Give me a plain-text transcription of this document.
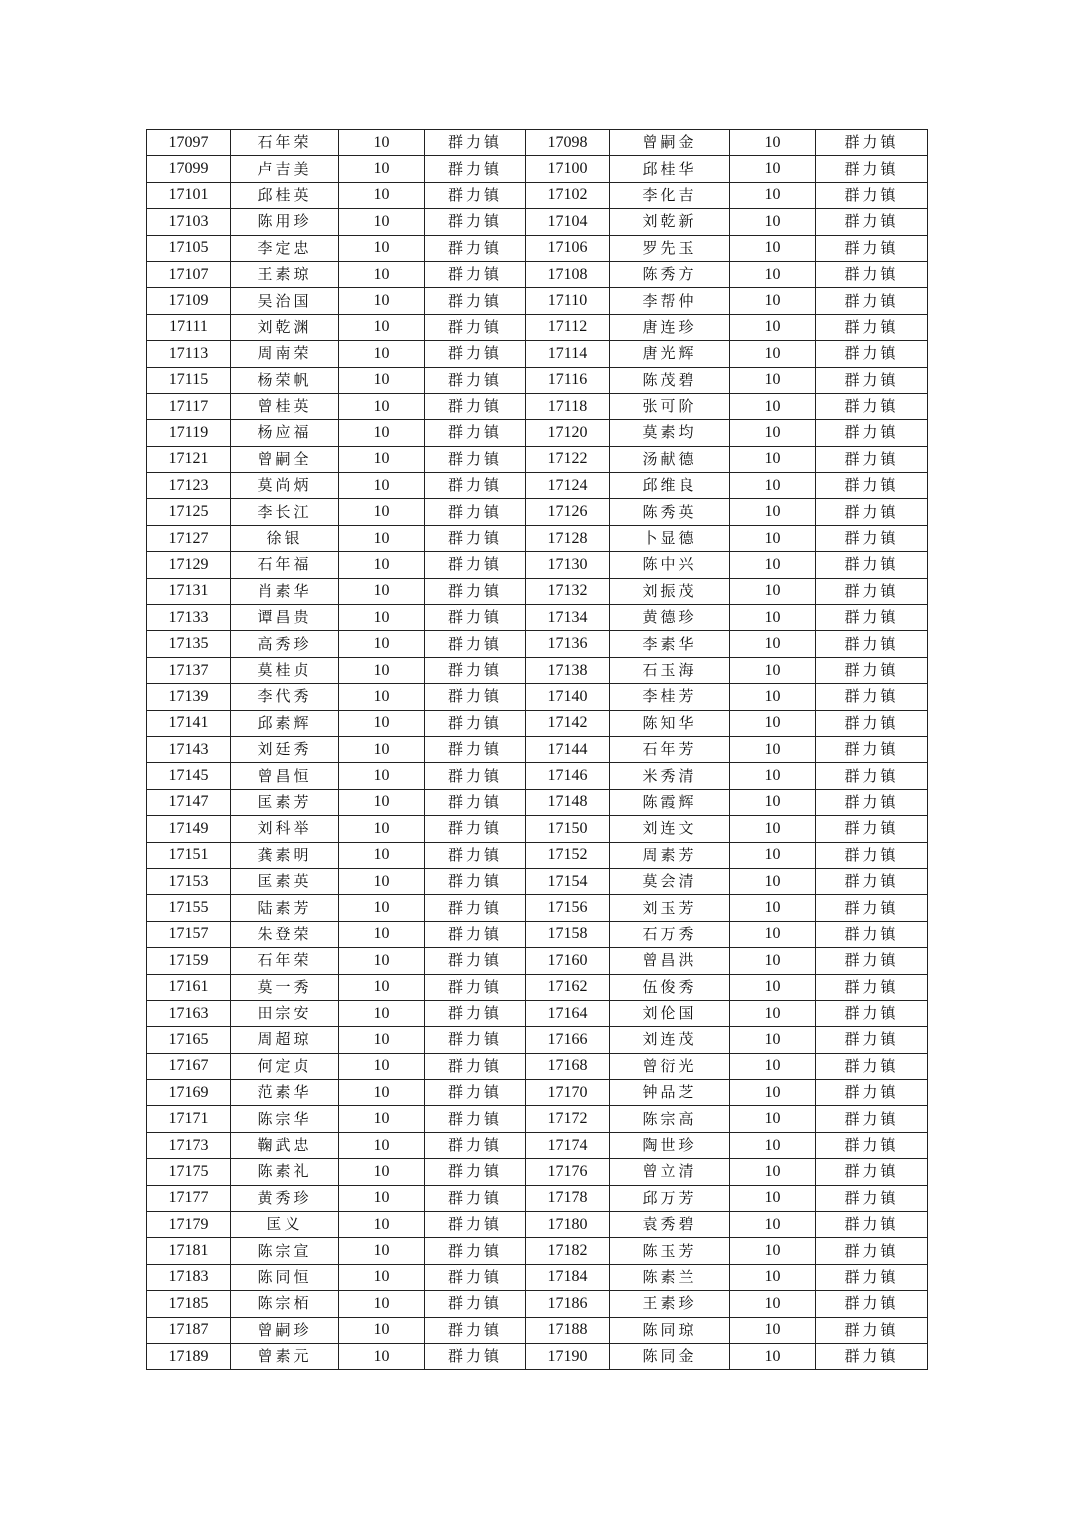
17097	石年荣	10	群力镇	17098	曾嗣金	10	群力镇
17099	卢吉美	10	群力镇	17100	邱桂华	10	群力镇
17101	邱桂英	10	群力镇	17102	李化吉	10	群力镇
17103	陈用珍	10	群力镇	17104	刘乾新	10	群力镇
17105	李定忠	10	群力镇	17106	罗先玉	10	群力镇
17107	王素琼	10	群力镇	17108	陈秀方	10	群力镇
17109	吴治国	10	群力镇	17110	李帮仲	10	群力镇
17111	刘乾渊	10	群力镇	17112	唐连珍	10	群力镇
17113	周南荣	10	群力镇	17114	唐光辉	10	群力镇
17115	杨荣帆	10	群力镇	17116	陈茂碧	10	群力镇
17117	曾桂英	10	群力镇	17118	张可阶	10	群力镇
17119	杨应福	10	群力镇	17120	莫素均	10	群力镇
17121	曾嗣全	10	群力镇	17122	汤献德	10	群力镇
17123	莫尚炳	10	群力镇	17124	邱维良	10	群力镇
17125	李长江	10	群力镇	17126	陈秀英	10	群力镇
17127	徐银	10	群力镇	17128	卜显德	10	群力镇
17129	石年福	10	群力镇	17130	陈中兴	10	群力镇
17131	肖素华	10	群力镇	17132	刘振茂	10	群力镇
17133	谭昌贵	10	群力镇	17134	黄德珍	10	群力镇
17135	高秀珍	10	群力镇	17136	李素华	10	群力镇
17137	莫桂贞	10	群力镇	17138	石玉海	10	群力镇
17139	李代秀	10	群力镇	17140	李桂芳	10	群力镇
17141	邱素辉	10	群力镇	17142	陈知华	10	群力镇
17143	刘廷秀	10	群力镇	17144	石年芳	10	群力镇
17145	曾昌恒	10	群力镇	17146	米秀清	10	群力镇
17147	匡素芳	10	群力镇	17148	陈霞辉	10	群力镇
17149	刘科举	10	群力镇	17150	刘连文	10	群力镇
17151	龚素明	10	群力镇	17152	周素芳	10	群力镇
17153	匡素英	10	群力镇	17154	莫会清	10	群力镇
17155	陆素芳	10	群力镇	17156	刘玉芳	10	群力镇
17157	朱登荣	10	群力镇	17158	石万秀	10	群力镇
17159	石年荣	10	群力镇	17160	曾昌洪	10	群力镇
17161	莫一秀	10	群力镇	17162	伍俊秀	10	群力镇
17163	田宗安	10	群力镇	17164	刘伦国	10	群力镇
17165	周超琼	10	群力镇	17166	刘连茂	10	群力镇
17167	何定贞	10	群力镇	17168	曾衍光	10	群力镇
17169	范素华	10	群力镇	17170	钟品芝	10	群力镇
17171	陈宗华	10	群力镇	17172	陈宗高	10	群力镇
17173	鞠武忠	10	群力镇	17174	陶世珍	10	群力镇
17175	陈素礼	10	群力镇	17176	曾立清	10	群力镇
17177	黄秀珍	10	群力镇	17178	邱万芳	10	群力镇
17179	匡义	10	群力镇	17180	袁秀碧	10	群力镇
17181	陈宗宣	10	群力镇	17182	陈玉芳	10	群力镇
17183	陈同恒	10	群力镇	17184	陈素兰	10	群力镇
17185	陈宗栢	10	群力镇	17186	王素珍	10	群力镇
17187	曾嗣珍	10	群力镇	17188	陈同琼	10	群力镇
17189	曾素元	10	群力镇	17190	陈同金	10	群力镇
